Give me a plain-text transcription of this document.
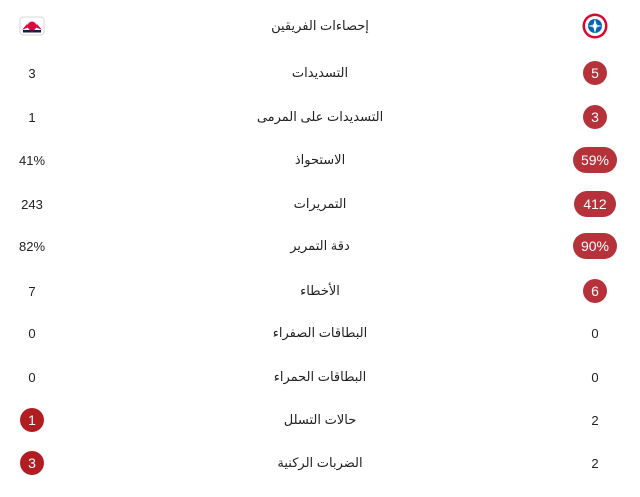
إحصاءات الفريقين
5
التسديدات
3
3
التسديدات على المرمى
1
59%
الاستحواذ
41%
412
التمريرات
243
90%
دقة التمرير
82%
6
الأخطاء
7
0
البطاقات الصفراء
0
0
البطاقات الحمراء
0
2
حالات التسلل
1
2
الضربات الركنية
3
